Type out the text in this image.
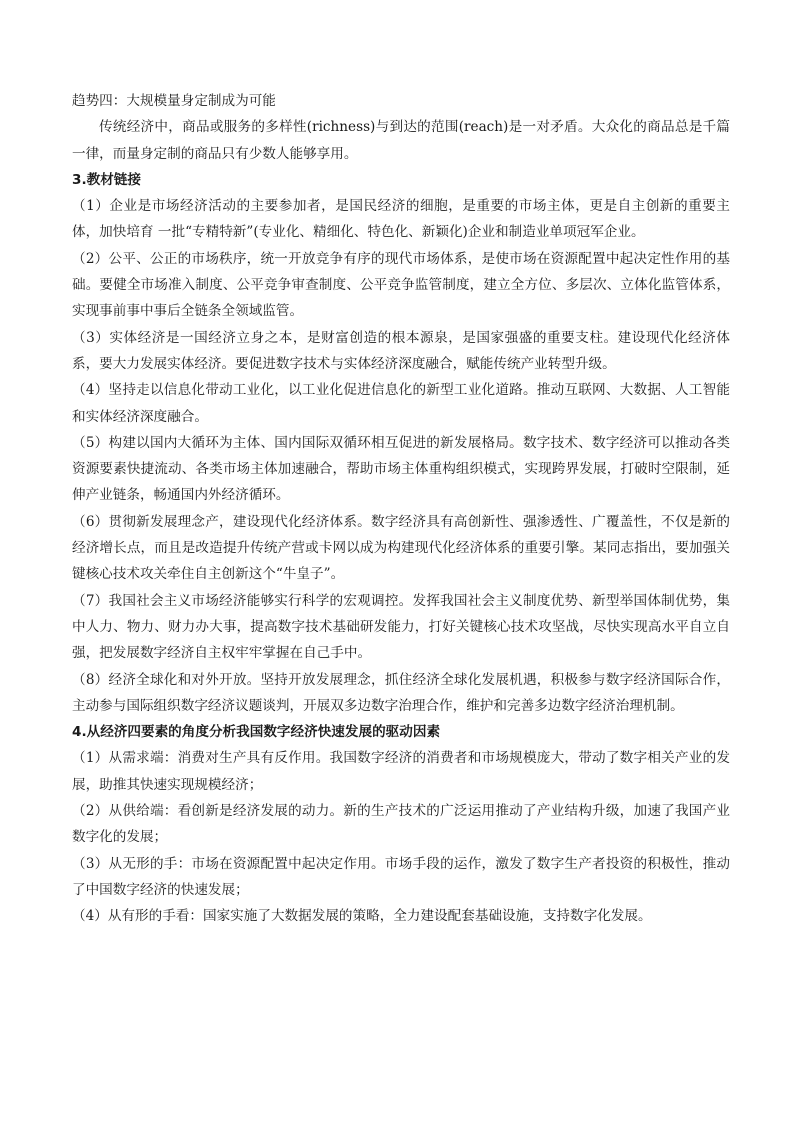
趋势四：大规模量身定制成为可能

传统经济中，商品或服务的多样性(richness)与到达的范围(reach)是一对矛盾。大众化的商品总是千篇一律，而量身定制的商品只有少数人能够享用。

3.教材链接

（1）企业是市场经济活动的主要参加者，是国民经济的细胞，是重要的市场主体，更是自主创新的重要主体，加快培育 一批“专精特新”(专业化、精细化、特色化、新颖化)企业和制造业单项冠军企业。

（2）公平、公正的市场秩序，统一开放竞争有序的现代市场体系，是使市场在资源配置中起决定性作用的基础。要健全市场准入制度、公平竞争审查制度、公平竞争监管制度，建立全方位、多层次、立体化监管体系，实现事前事中事后全链条全领域监管。

（3）实体经济是一国经济立身之本，是财富创造的根本源泉，是国家强盛的重要支柱。建设现代化经济体系，要大力发展实体经济。要促进数字技术与实体经济深度融合，赋能传统产业转型升级。

（4）坚持走以信息化带动工业化，以工业化促进信息化的新型工业化道路。推动互联网、大数据、人工智能和实体经济深度融合。

（5）构建以国内大循环为主体、国内国际双循环相互促进的新发展格局。数字技术、数字经济可以推动各类资源要素快捷流动、各类市场主体加速融合，帮助市场主体重构组织模式，实现跨界发展，打破时空限制，延伸产业链条，畅通国内外经济循环。

（6）贯彻新发展理念产，建设现代化经济体系。数字经济具有高创新性、强渗透性、广覆盖性，不仅是新的经济增长点，而且是改造提升传统产营或卡网以成为构建现代化经济体系的重要引擎。某同志指出，要加强关键核心技术攻关牵住自主创新这个“牛皇子”。

（7）我国社会主义市场经济能够实行科学的宏观调控。发挥我国社会主义制度优势、新型举国体制优势，集中人力、物力、财力办大事，提高数字技术基础研发能力，打好关键核心技术攻坚战，尽快实现高水平自立自强，把发展数字经济自主权牢牢掌握在自己手中。

（8）经济全球化和对外开放。坚持开放发展理念，抓住经济全球化发展机遇，积极参与数字经济国际合作，主动参与国际组织数字经济议题谈判，开展双多边数字治理合作，维护和完善多边数字经济治理机制。

4.从经济四要素的角度分析我国数字经济快速发展的驱动因素

（1）从需求端：消费对生产具有反作用。我国数字经济的消费者和市场规模庞大，带动了数字相关产业的发展，助推其快速实现规模经济；

（2）从供给端：看创新是经济发展的动力。新的生产技术的广泛运用推动了产业结构升级，加速了我国产业数字化的发展；

（3）从无形的手：市场在资源配置中起决定作用。市场手段的运作，激发了数字生产者投资的积极性，推动了中国数字经济的快速发展；

（4）从有形的手看：国家实施了大数据发展的策略，全力建设配套基础设施，支持数字化发展。
